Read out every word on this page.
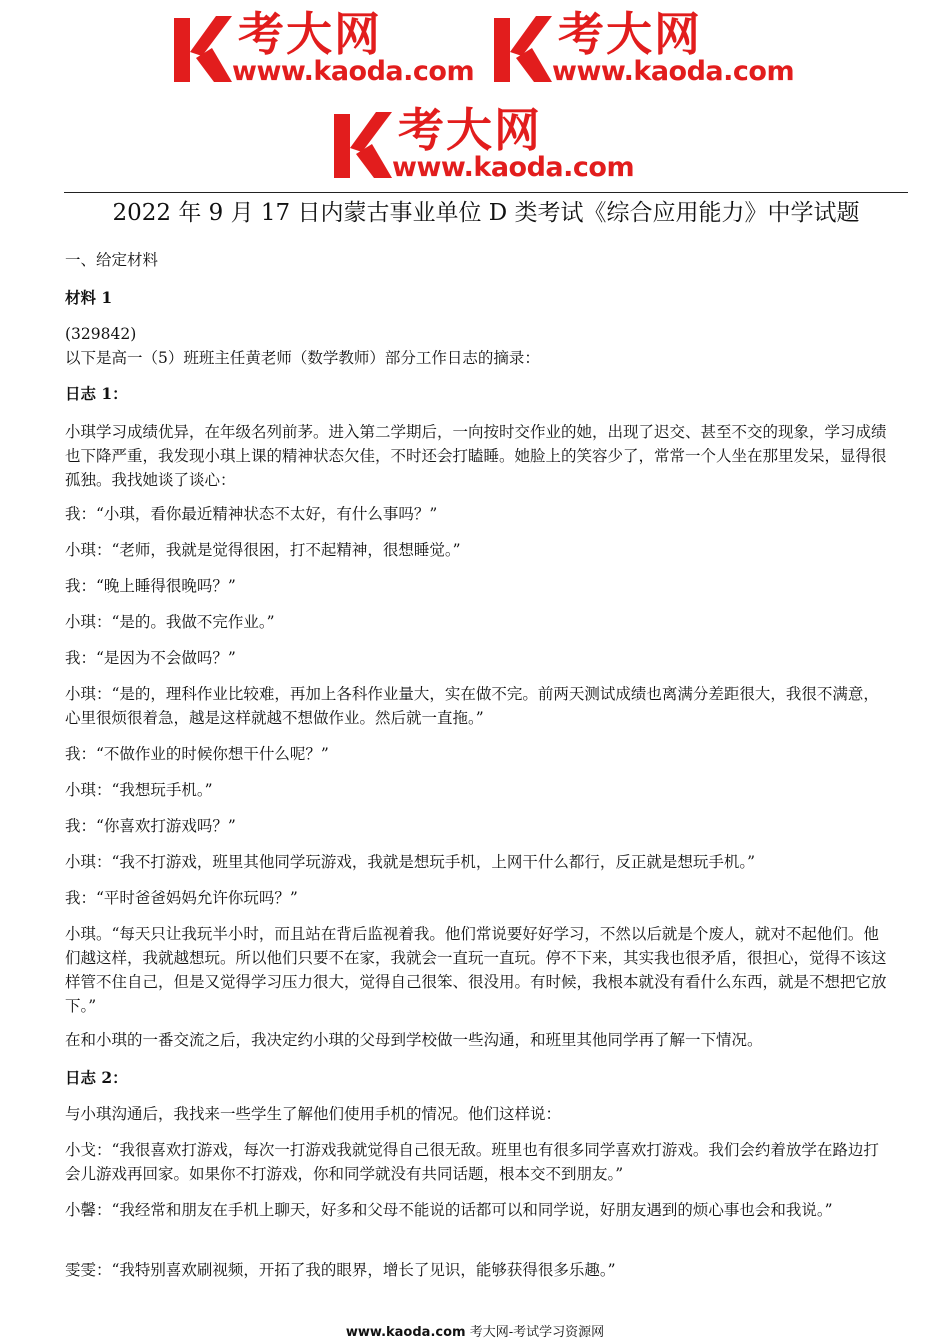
考大网
www.kaoda.com
考大网
www.kaoda.com
考大网
www.kaoda.com
2022 年 9 月 17 日内蒙古事业单位 D 类考试《综合应用能力》中学试题

一、给定材料

材料 1

(329842)

以下是高一（5）班班主任黄老师（数学教师）部分工作日志的摘录：

日志 1：

小琪学习成绩优异，在年级名列前茅。进入第二学期后，一向按时交作业的她，出现了迟交、甚至不交的现象，学习成绩也下降严重，我发现小琪上课的精神状态欠佳，不时还会打瞌睡。她脸上的笑容少了，常常一个人坐在那里发呆，显得很孤独。我找她谈了谈心：

我：“小琪，看你最近精神状态不太好，有什么事吗？”

小琪：“老师，我就是觉得很困，打不起精神，很想睡觉。”

我：“晚上睡得很晚吗？”

小琪：“是的。我做不完作业。”

我：“是因为不会做吗？”

小琪：“是的，理科作业比较难，再加上各科作业量大，实在做不完。前两天测试成绩也离满分差距很大，我很不满意，心里很烦很着急，越是这样就越不想做作业。然后就一直拖。”

我：“不做作业的时候你想干什么呢？”

小琪：“我想玩手机。”

我：“你喜欢打游戏吗？”

小琪：“我不打游戏，班里其他同学玩游戏，我就是想玩手机，上网干什么都行，反正就是想玩手机。”

我：“平时爸爸妈妈允许你玩吗？”

小琪。“每天只让我玩半小时，而且站在背后监视着我。他们常说要好好学习，不然以后就是个废人，就对不起他们。他们越这样，我就越想玩。所以他们只要不在家，我就会一直玩一直玩。停不下来，其实我也很矛盾，很担心，觉得不该这样管不住自己，但是又觉得学习压力很大，觉得自己很笨、很没用。有时候，我根本就没有看什么东西，就是不想把它放下。”

在和小琪的一番交流之后，我决定约小琪的父母到学校做一些沟通，和班里其他同学再了解一下情况。

日志 2：

与小琪沟通后，我找来一些学生了解他们使用手机的情况。他们这样说：

小戈：“我很喜欢打游戏，每次一打游戏我就觉得自己很无敌。班里也有很多同学喜欢打游戏。我们会约着放学在路边打会儿游戏再回家。如果你不打游戏，你和同学就没有共同话题，根本交不到朋友。”

小馨：“我经常和朋友在手机上聊天，好多和父母不能说的话都可以和同学说，好朋友遇到的烦心事也会和我说。”

雯雯：“我特别喜欢刷视频，开拓了我的眼界，增长了见识，能够获得很多乐趣。”

www.kaoda.com 考大网-考试学习资源网
